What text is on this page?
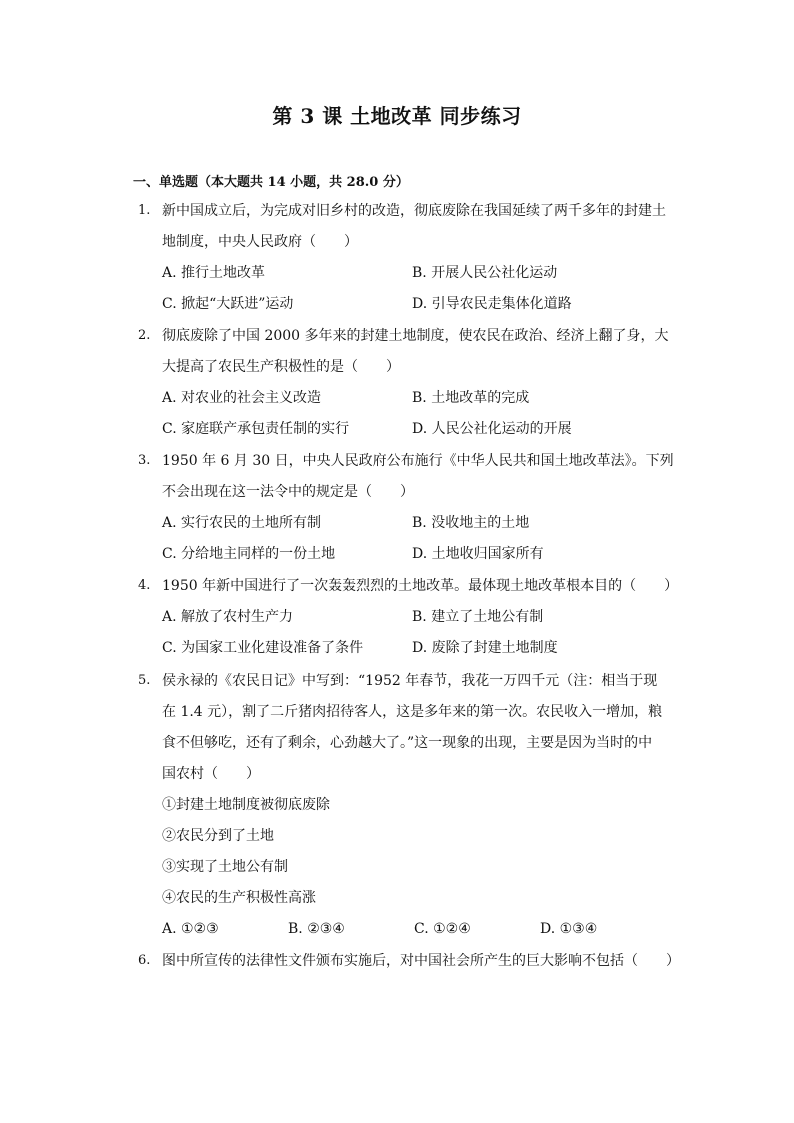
第 3 课 土地改革 同步练习
一、单选题（本大题共 14 小题，共 28.0 分）
1. 新中国成立后，为完成对旧乡村的改造，彻底废除在我国延续了两千多年的封建土
地制度，中央人民政府（　　）
A. 推行土地改革	B. 开展人民公社化运动
C. 掀起“大跃进”运动	D. 引导农民走集体化道路
2. 彻底废除了中国 2000 多年来的封建土地制度，使农民在政治、经济上翻了身，大
大提高了农民生产积极性的是（　　）
A. 对农业的社会主义改造	B. 土地改革的完成
C. 家庭联产承包责任制的实行	D. 人民公社化运动的开展
3. 1950 年 6 月 30 日，中央人民政府公布施行《中华人民共和国土地改革法》。下列
不会出现在这一法令中的规定是（　　）
A. 实行农民的土地所有制	B. 没收地主的土地
C. 分给地主同样的一份土地	D. 土地收归国家所有
4. 1950 年新中国进行了一次轰轰烈烈的土地改革。最体现土地改革根本目的（　　）
A. 解放了农村生产力	B. 建立了土地公有制
C. 为国家工业化建设准备了条件	D. 废除了封建土地制度
5. 侯永禄的《农民日记》中写到：“1952 年春节，我花一万四千元（注：相当于现
在 1.4 元），割了二斤猪肉招待客人，这是多年来的第一次。农民收入一增加，粮
食不但够吃，还有了剩余，心劲越大了。”这一现象的出现，主要是因为当时的中
国农村（　　）
①封建土地制度被彻底废除
②农民分到了土地
③实现了土地公有制
④农民的生产积极性高涨
A. ①②③	B. ②③④	C. ①②④	D. ①③④
6. 图中所宣传的法律性文件颁布实施后，对中国社会所产生的巨大影响不包括（　　）
